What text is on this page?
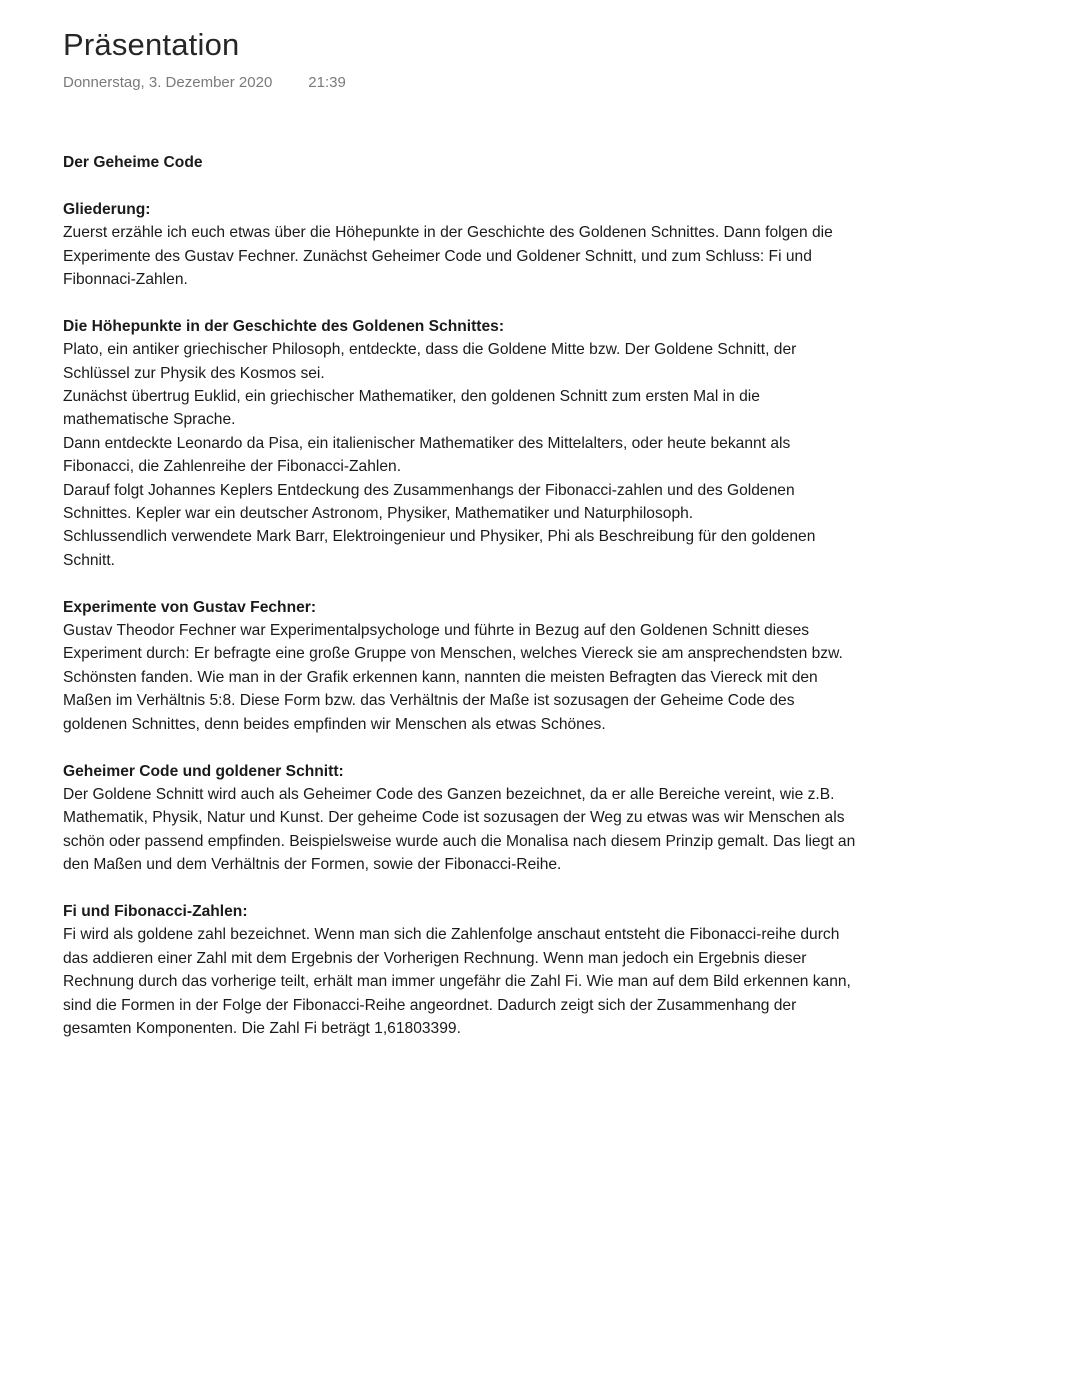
Präsentation
Donnerstag, 3. Dezember 2020 21:39
Der Geheime Code
Gliederung:

Zuerst erzähle ich euch etwas über die Höhepunkte in der Geschichte des Goldenen Schnittes. Dann folgen die Experimente des Gustav Fechner. Zunächst Geheimer Code und Goldener Schnitt, und zum Schluss: Fi und Fibonnaci-Zahlen.

Die Höhepunkte in der Geschichte des Goldenen Schnittes:

Plato, ein antiker griechischer Philosoph, entdeckte, dass die Goldene Mitte bzw. Der Goldene Schnitt, der Schlüssel zur Physik des Kosmos sei.

Zunächst übertrug Euklid, ein griechischer Mathematiker, den goldenen Schnitt zum ersten Mal in die mathematische Sprache.

Dann entdeckte Leonardo da Pisa, ein italienischer Mathematiker des Mittelalters, oder heute bekannt als Fibonacci, die Zahlenreihe der Fibonacci-Zahlen.

Darauf folgt Johannes Keplers Entdeckung des Zusammenhangs der Fibonacci-zahlen und des Goldenen Schnittes. Kepler war ein deutscher Astronom, Physiker, Mathematiker und Naturphilosoph.

Schlussendlich verwendete Mark Barr, Elektroingenieur und Physiker, Phi als Beschreibung für den goldenen Schnitt.

Experimente von Gustav Fechner:

Gustav Theodor Fechner war Experimentalpsychologe und führte in Bezug auf den Goldenen Schnitt dieses Experiment durch: Er befragte eine große Gruppe von Menschen, welches Viereck sie am ansprechendsten bzw. Schönsten fanden. Wie man in der Grafik erkennen kann, nannten die meisten Befragten das Viereck mit den Maßen im Verhältnis 5:8. Diese Form bzw. das Verhältnis der Maße ist sozusagen der Geheime Code des goldenen Schnittes, denn beides empfinden wir Menschen als etwas Schönes.

Geheimer Code und goldener Schnitt:

Der Goldene Schnitt wird auch als Geheimer Code des Ganzen bezeichnet, da er alle Bereiche vereint, wie z.B. Mathematik, Physik, Natur und Kunst. Der geheime Code ist sozusagen der Weg zu etwas was wir Menschen als schön oder passend empfinden. Beispielsweise wurde auch die Monalisa nach diesem Prinzip gemalt. Das liegt an den Maßen und dem Verhältnis der Formen, sowie der Fibonacci-Reihe.

Fi und Fibonacci-Zahlen:

Fi wird als goldene zahl bezeichnet. Wenn man sich die Zahlenfolge anschaut entsteht die Fibonacci-reihe durch das addieren einer Zahl mit dem Ergebnis der Vorherigen Rechnung. Wenn man jedoch ein Ergebnis dieser Rechnung durch das vorherige teilt, erhält man immer ungefähr die Zahl Fi. Wie man auf dem Bild erkennen kann, sind die Formen in der Folge der Fibonacci-Reihe angeordnet. Dadurch zeigt sich der Zusammenhang der gesamten Komponenten. Die Zahl Fi beträgt 1,61803399.
